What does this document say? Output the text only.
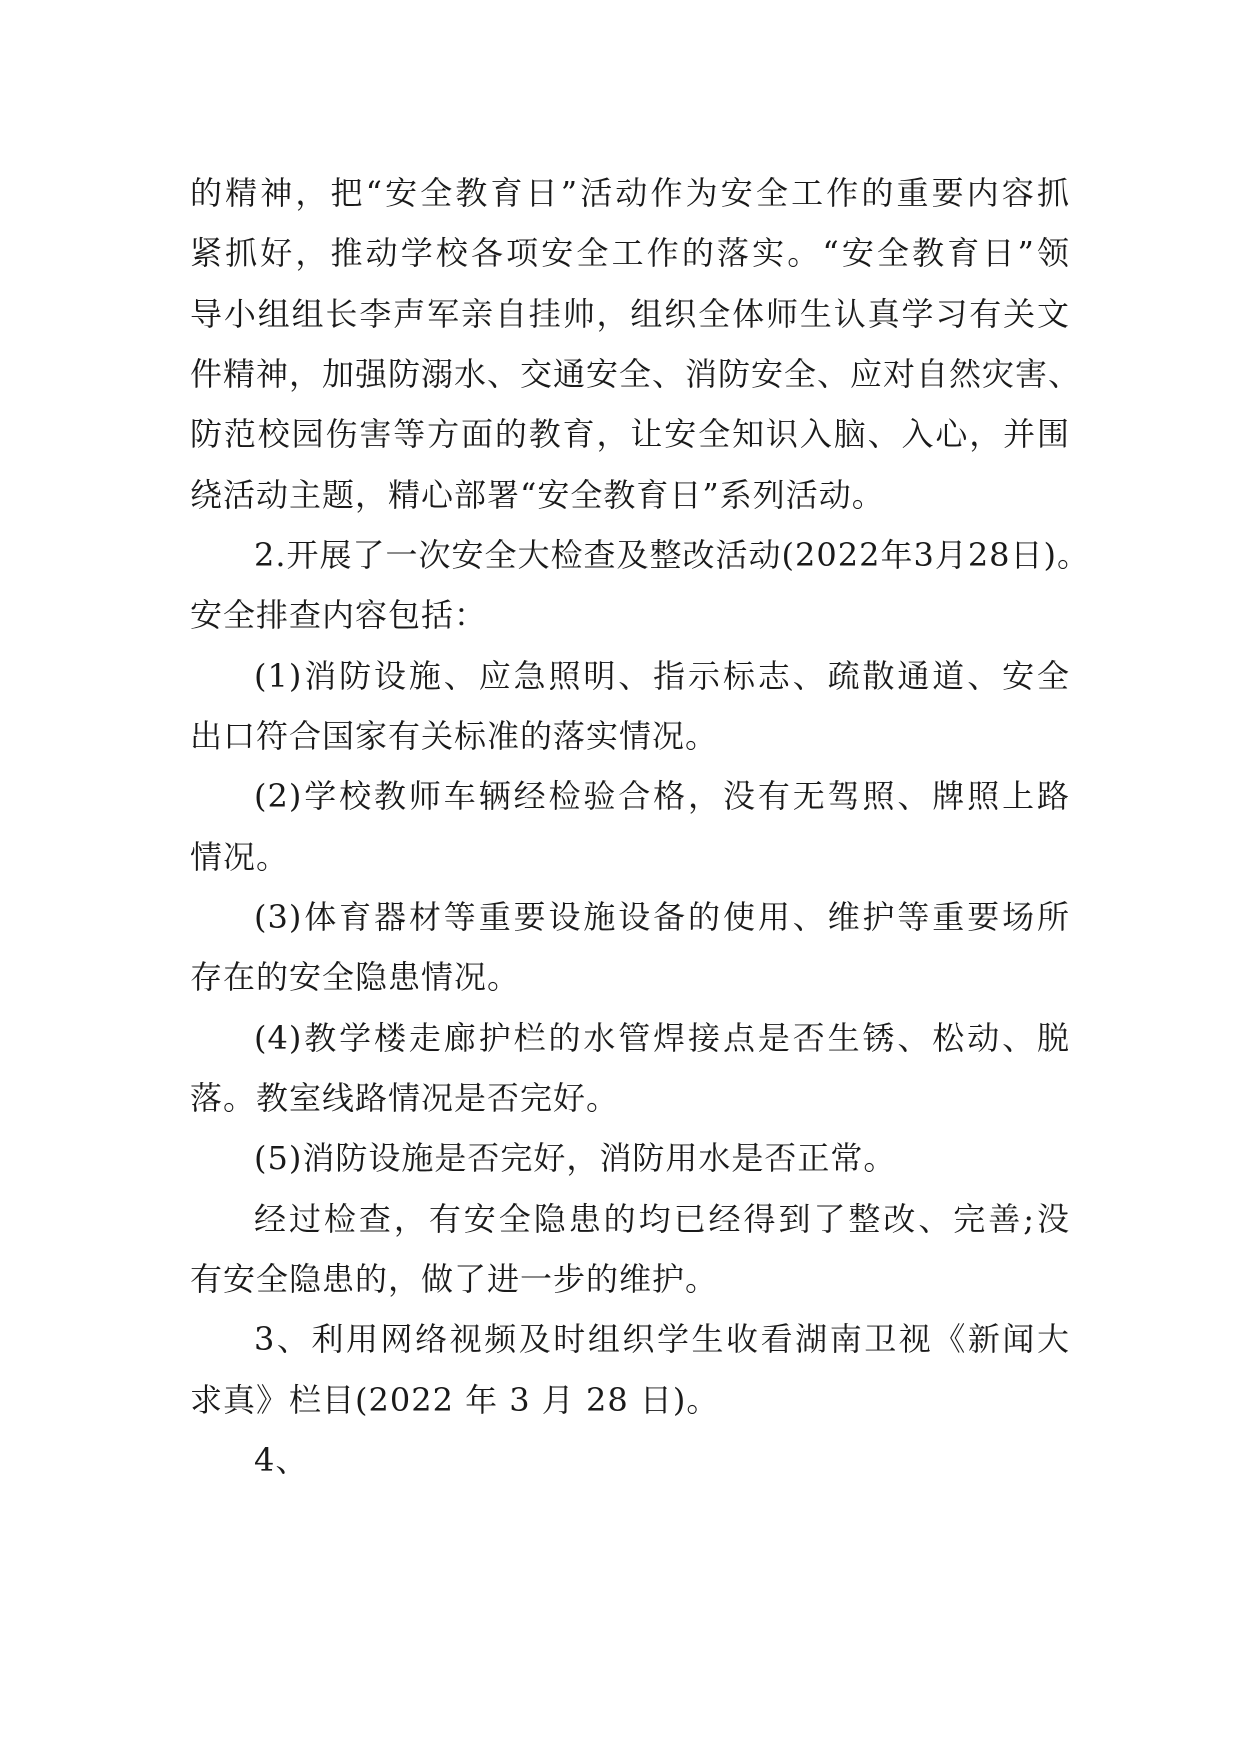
的精神，把“安全教育日”活动作为安全工作的重要内容抓
紧抓好，推动学校各项安全工作的落实。“安全教育日”领
导小组组长李声军亲自挂帅，组织全体师生认真学习有关文
件精神，加强防溺水、交通安全、消防安全、应对自然灾害、
防范校园伤害等方面的教育，让安全知识入脑、入心，并围
绕活动主题，精心部署“安全教育日”系列活动。
2.开展了一次安全大检查及整改活动(2022年3月28日)。
安全排查内容包括：
(1)消防设施、应急照明、指示标志、疏散通道、安全
出口符合国家有关标准的落实情况。
(2)学校教师车辆经检验合格，没有无驾照、牌照上路
情况。
(3)体育器材等重要设施设备的使用、维护等重要场所
存在的安全隐患情况。
(4)教学楼走廊护栏的水管焊接点是否生锈、松动、脱
落。教室线路情况是否完好。
(5)消防设施是否完好，消防用水是否正常。
经过检查，有安全隐患的均已经得到了整改、完善;没
有安全隐患的，做了进一步的维护。
3、利用网络视频及时组织学生收看湖南卫视《新闻大
求真》栏目(2022 年 3 月 28 日)。
4、
